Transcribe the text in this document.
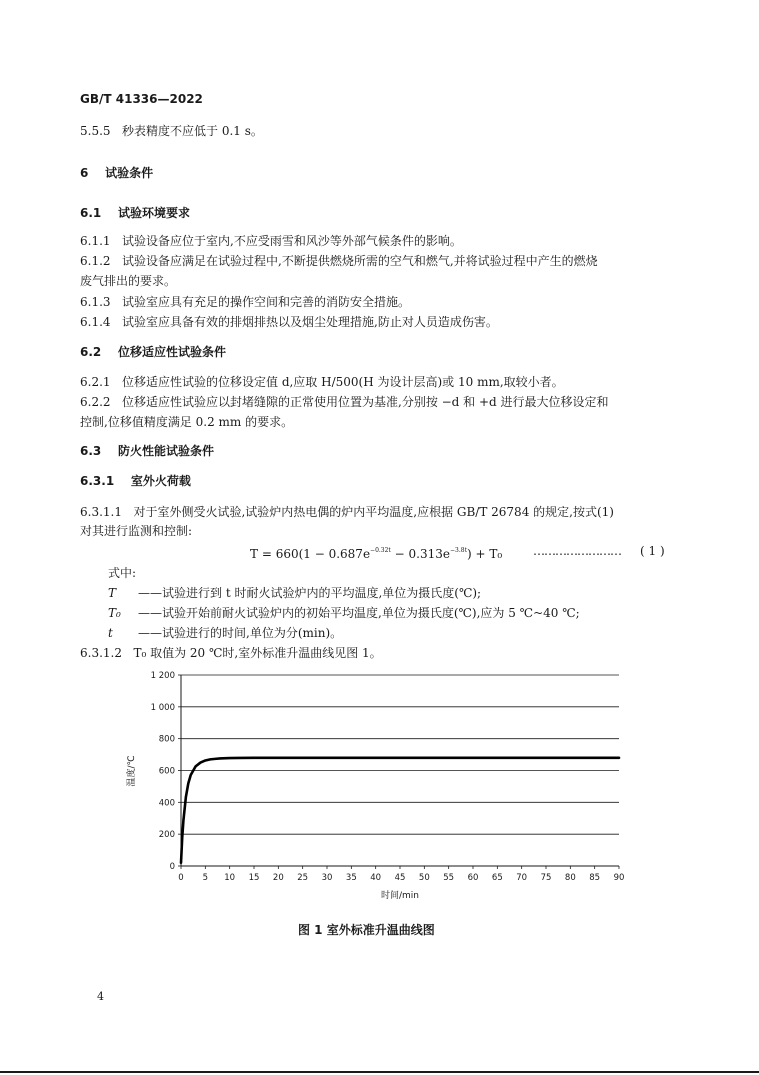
GB/T 41336—2022
5.5.5 秒表精度不应低于 0.1 s。
6 试验条件
6.1 试验环境要求
6.1.1 试验设备应位于室内,不应受雨雪和风沙等外部气候条件的影响。
6.1.2 试验设备应满足在试验过程中,不断提供燃烧所需的空气和燃气,并将试验过程中产生的燃烧
废气排出的要求。
6.1.3 试验室应具有充足的操作空间和完善的消防安全措施。
6.1.4 试验室应具备有效的排烟排热以及烟尘处理措施,防止对人员造成伤害。
6.2 位移适应性试验条件
6.2.1 位移适应性试验的位移设定值 d,应取 H/500(H 为设计层高)或 10 mm,取较小者。
6.2.2 位移适应性试验应以封堵缝隙的正常使用位置为基准,分别按 −d 和 +d 进行最大位移设定和
控制,位移值精度满足 0.2 mm 的要求。
6.3 防火性能试验条件
6.3.1 室外火荷载
6.3.1.1 对于室外侧受火试验,试验炉内热电偶的炉内平均温度,应根据 GB/T 26784 的规定,按式(1)
对其进行监测和控制:
$T = 660(1 - 0.687e^{-0.32t} - 0.313e^{-3.8t}) + T_0$	…………………… ( 1 )
式中:
T ——试验进行到 t 时耐火试验炉内的平均温度,单位为摄氏度(℃);
T₀ ——试验开始前耐火试验炉内的初始平均温度,单位为摄氏度(℃),应为 5 ℃~40 ℃;
t ——试验进行的时间,单位为分(min)。
6.3.1.2 T₀ 取值为 20 ℃时,室外标准升温曲线见图 1。
0
200
400
600
800
1 000
1 200
0 5 10 15 20 25 30 35 40 45 50 55 60 65 70 75 80 85 90
时间/min
温度/℃
图 1 室外标准升温曲线图
4
